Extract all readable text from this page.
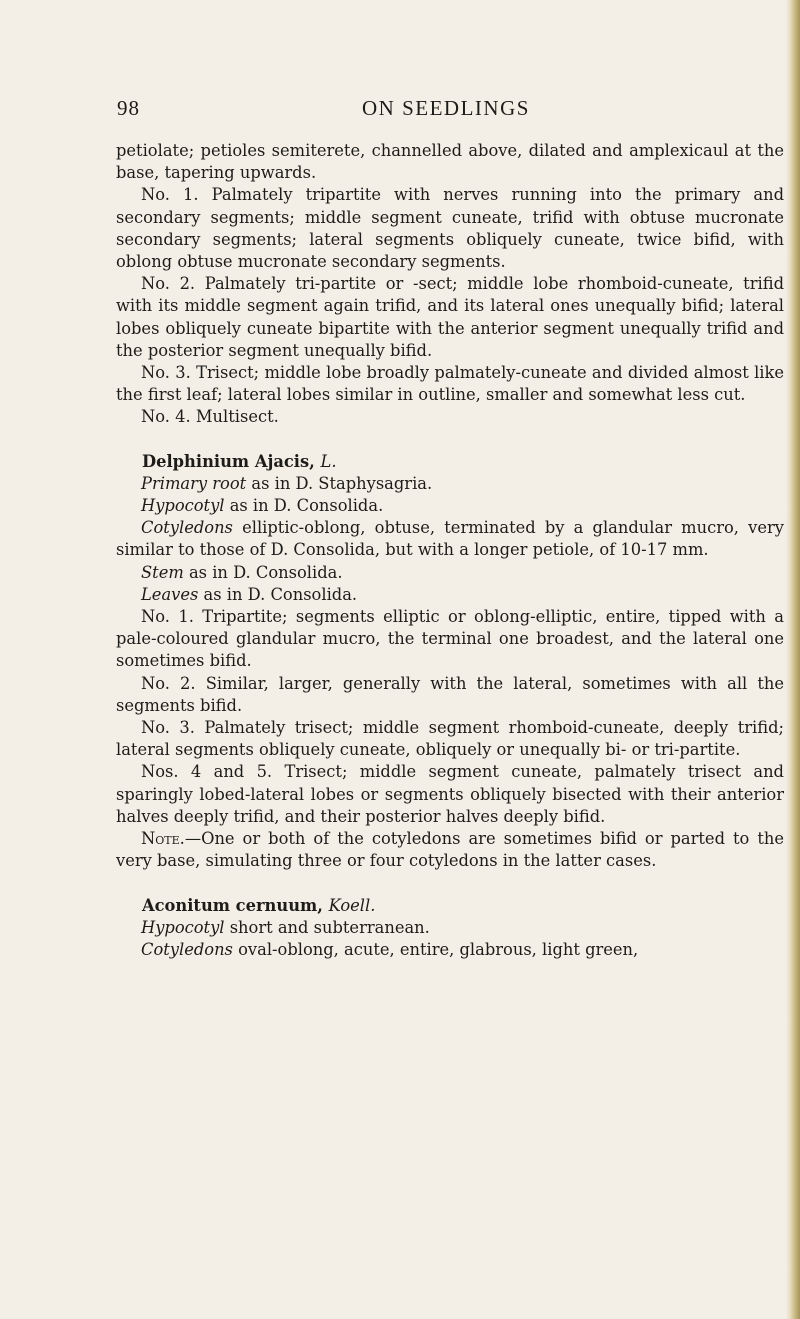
98	ON SEEDLINGS

petiolate; petioles semiterete, channelled above, dilated and amplexicaul at the base, tapering upwards.

No. 1. Palmately tripartite with nerves running into the primary and secondary segments; middle segment cuneate, trifid with obtuse mucronate secondary segments; lateral segments obliquely cuneate, twice bifid, with oblong obtuse mucronate secondary segments.

No. 2. Palmately tri-partite or -sect; middle lobe rhomboid-cuneate, trifid with its middle segment again trifid, and its lateral ones unequally bifid; lateral lobes obliquely cuneate bipartite with the anterior segment unequally trifid and the posterior segment unequally bifid.

No. 3. Trisect; middle lobe broadly palmately-cuneate and divided almost like the first leaf; lateral lobes similar in outline, smaller and somewhat less cut.

No. 4. Multisect.

Delphinium Ajacis, L.

Primary root as in D. Staphysagria.

Hypocotyl as in D. Consolida.

Cotyledons elliptic-oblong, obtuse, terminated by a glandular mucro, very similar to those of D. Consolida, but with a longer petiole, of 10-17 mm.

Stem as in D. Consolida.

Leaves as in D. Consolida.

No. 1. Tripartite; segments elliptic or oblong-elliptic, entire, tipped with a pale-coloured glandular mucro, the terminal one broadest, and the lateral one sometimes bifid.

No. 2. Similar, larger, generally with the lateral, sometimes with all the segments bifid.

No. 3. Palmately trisect; middle segment rhomboid-cuneate, deeply trifid; lateral segments obliquely cuneate, obliquely or unequally bi- or tri-partite.

Nos. 4 and 5. Trisect; middle segment cuneate, palmately trisect and sparingly lobed-lateral lobes or segments obliquely bisected with their anterior halves deeply trifid, and their posterior halves deeply bifid.

Note.—One or both of the cotyledons are sometimes bifid or parted to the very base, simulating three or four cotyledons in the latter cases.

Aconitum cernuum, Koell.

Hypocotyl short and subterranean.

Cotyledons oval-oblong, acute, entire, glabrous, light green,
